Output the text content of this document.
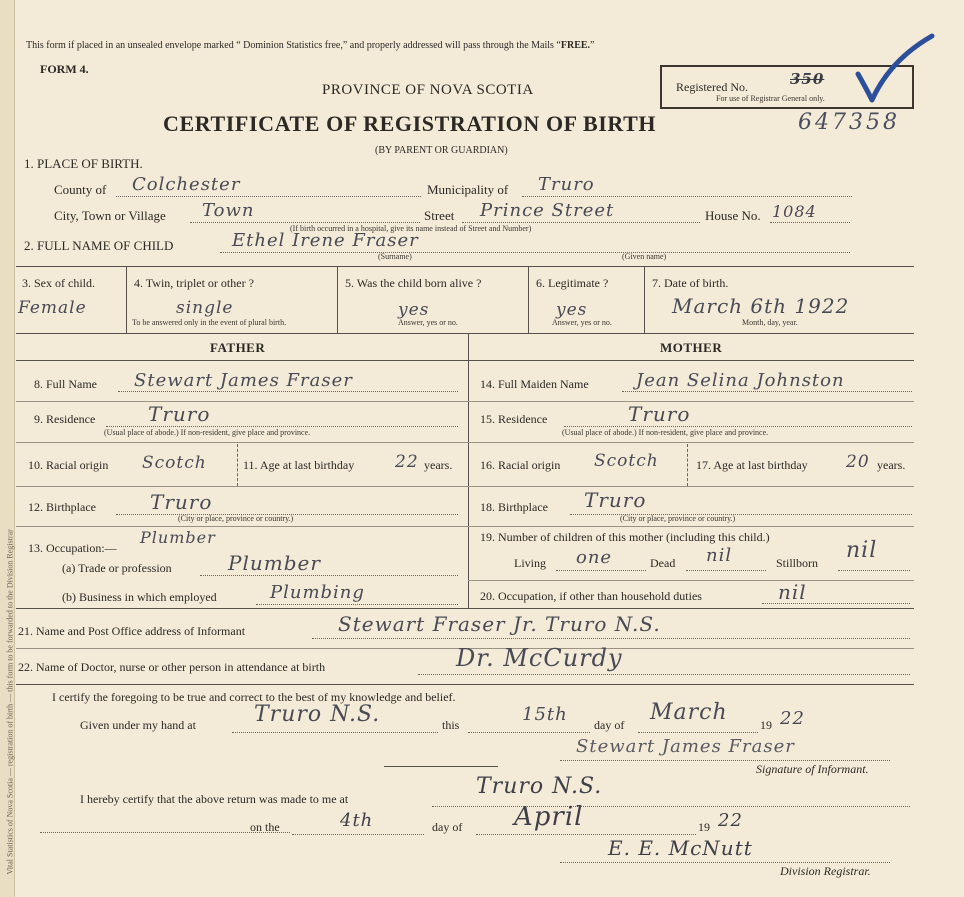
Vital Statistics of Nova Scotia — registration of birth — this form to be forwarded to the Division Registrar
This form if placed in an unsealed envelope marked “ Dominion Statistics free,” and properly addressed will pass through the Mails “FREE.”
FORM 4.
PROVINCE OF NOVA SCOTIA
CERTIFICATE OF REGISTRATION OF BIRTH
(BY PARENT OR GUARDIAN)
Registered No.	350
For use of Registrar General only.
647358
1. PLACE OF BIRTH.
County of Colchester	Municipality of Truro
City, Town or Village Town	Street Prince Street	House No. 1084
(If birth occurred in a hospital, give its name instead of Street and Number)
2. FULL NAME OF CHILD	Ethel Irene Fraser
(Surname)	(Given name)
3. Sex of child.
Female
4. Twin, triplet or other ?
single
To be answered only in the event of plural birth.
5. Was the child born alive ?
yes
Answer, yes or no.
6. Legitimate ?
yes
Answer, yes or no.
7. Date of birth.
March 6th 1922
Month, day, year.
FATHER	MOTHER
8. Full Name Stewart James Fraser
9. Residence	Truro
(Usual place of abode.) If non-resident, give place and province.
10. Racial origin Scotch	11. Age at last birthday 22 years.
12. Birthplace	Truro
(City or place, province or country.)
13. Occupation:—
Plumber
(a) Trade or profession	Plumber
(b) Business in which employed	Plumbing
14. Full Maiden Name	Jean Selina Johnston
15. Residence	Truro
(Usual place of abode.) If non-resident, give place and province.
16. Racial origin Scotch	17. Age at last birthday 20 years.
18. Birthplace Truro
(City or place, province or country.)
19. Number of children of this mother (including this child.)
Living one	Dead nil	Stillborn nil
20. Occupation, if other than household duties	nil
21. Name and Post Office address of Informant	Stewart Fraser Jr. Truro N.S.
22. Name of Doctor, nurse or other person in attendance at birth	Dr. McCurdy
I certify the foregoing to be true and correct to the best of my knowledge and belief.
Given under my hand at	Truro N.S.	this	15th day of March	19 22
Stewart James Fraser
Signature of Informant.
I hereby certify that the above return was made to me at	Truro N.S.
on the	4th	day of April	19 22
E. E. McNutt
Division Registrar.
